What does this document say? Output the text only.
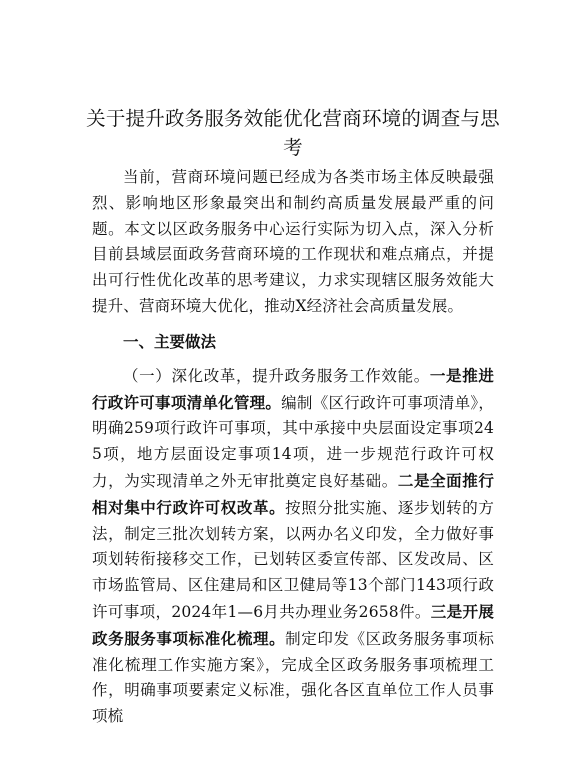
关于提升政务服务效能优化营商环境的调查与思考

当前，营商环境问题已经成为各类市场主体反映最强烈、影响地区形象最突出和制约高质量发展最严重的问题。本文以区政务服务中心运行实际为切入点，深入分析目前县域层面政务营商环境的工作现状和难点痛点，并提出可行性优化改革的思考建议，力求实现辖区服务效能大提升、营商环境大优化，推动X经济社会高质量发展。

一、主要做法

（一）深化改革，提升政务服务工作效能。一是推进行政许可事项清单化管理。编制《区行政许可事项清单》，明确259项行政许可事项，其中承接中央层面设定事项245项，地方层面设定事项14项，进一步规范行政许可权力，为实现清单之外无审批奠定良好基础。二是全面推行相对集中行政许可权改革。按照分批实施、逐步划转的方法，制定三批次划转方案，以两办名义印发，全力做好事项划转衔接移交工作，已划转区委宣传部、区发改局、区市场监管局、区住建局和区卫健局等13个部门143项行政许可事项，2024年1—6月共办理业务2658件。三是开展政务服务事项标准化梳理。制定印发《区政务服务事项标准化梳理工作实施方案》，完成全区政务服务事项梳理工作，明确事项要素定义标准，强化各区直单位工作人员事项梳
